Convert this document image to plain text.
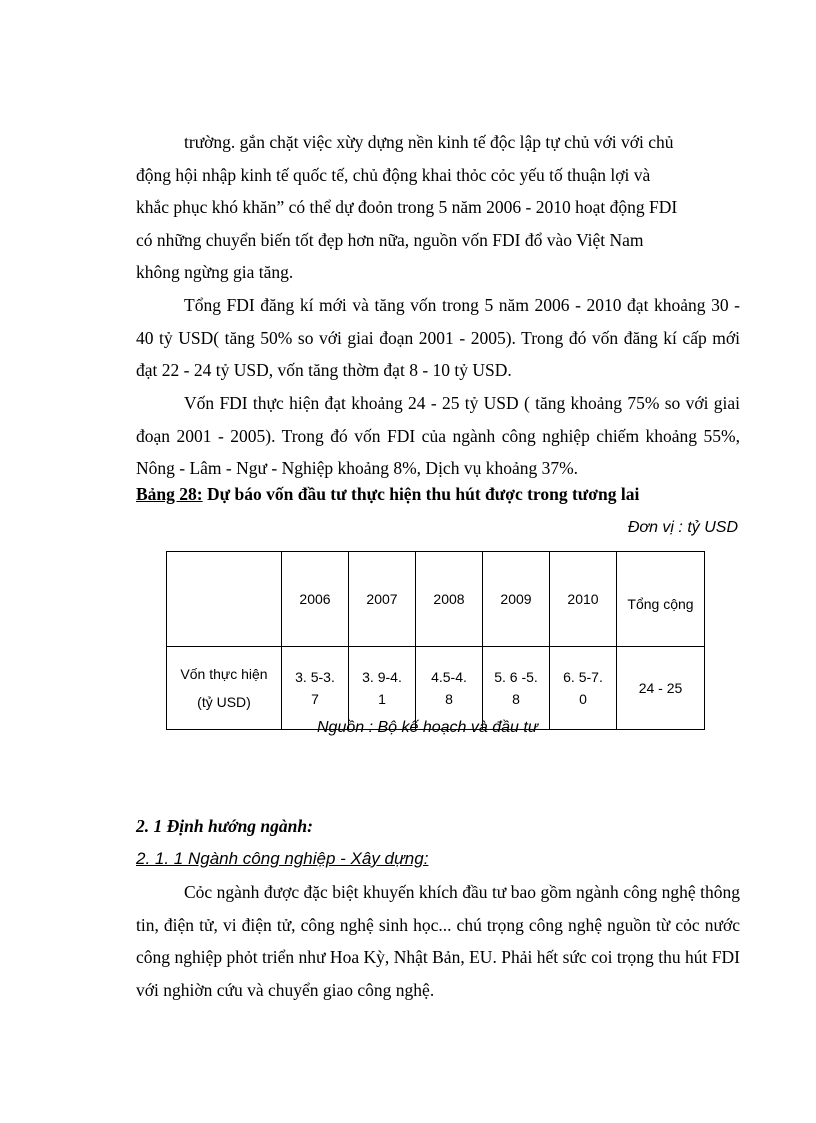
trường. gắn chặt việc xừy dựng nền kinh tế độc lập tự chủ với với chủ
động hội nhập kinh tế quốc tế, chủ động khai thỏc cỏc yếu tố thuận lợi và
khắc phục khó khăn” có thể dự đoỏn trong 5 năm 2006 - 2010 hoạt động FDI
có những chuyển biến tốt đẹp hơn nữa, nguồn vốn FDI đổ vào Việt Nam
không ngừng gia tăng.

Tổng FDI đăng kí mới và tăng vốn trong 5 năm 2006 - 2010 đạt khoảng 30 - 40 tỷ USD( tăng 50% so với giai đoạn 2001 - 2005). Trong đó vốn đăng kí cấp mới đạt 22 - 24 tỷ USD, vốn tăng thờm đạt 8 - 10 tỷ USD.

Vốn FDI thực hiện đạt khoảng 24 - 25 tỷ USD ( tăng khoảng 75% so với giai đoạn 2001 - 2005). Trong đó vốn FDI của ngành công nghiệp chiếm khoảng 55%, Nông - Lâm - Ngư - Nghiệp khoảng 8%, Dịch vụ khoảng 37%.

Bảng 28: Dự báo vốn đầu tư thực hiện thu hút được trong tương lai
Đơn vị : tỷ USD
	2006	2007	2008	2009	2010	Tổng cộng

Vốn thực hiện
(tỷ USD)	3. 5-3. 7	3. 9-4. 1	4.5-4. 8	5. 6 -5. 8	6. 5-7. 0	24 - 25
Nguồn : Bộ kế hoạch và đầu tư
2. 1 Định hướng ngành:
2. 1. 1 Ngành công nghiệp - Xây dựng:

Cỏc ngành được đặc biệt khuyến khích đầu tư bao gồm ngành công nghệ thông tin, điện tử, vi điện tử, công nghệ sinh học... chú trọng công nghệ nguồn từ cỏc nước công nghiệp phỏt triển như Hoa Kỳ, Nhật Bản, EU. Phải hết sức coi trọng thu hút FDI với nghiờn cứu và chuyển giao công nghệ.
